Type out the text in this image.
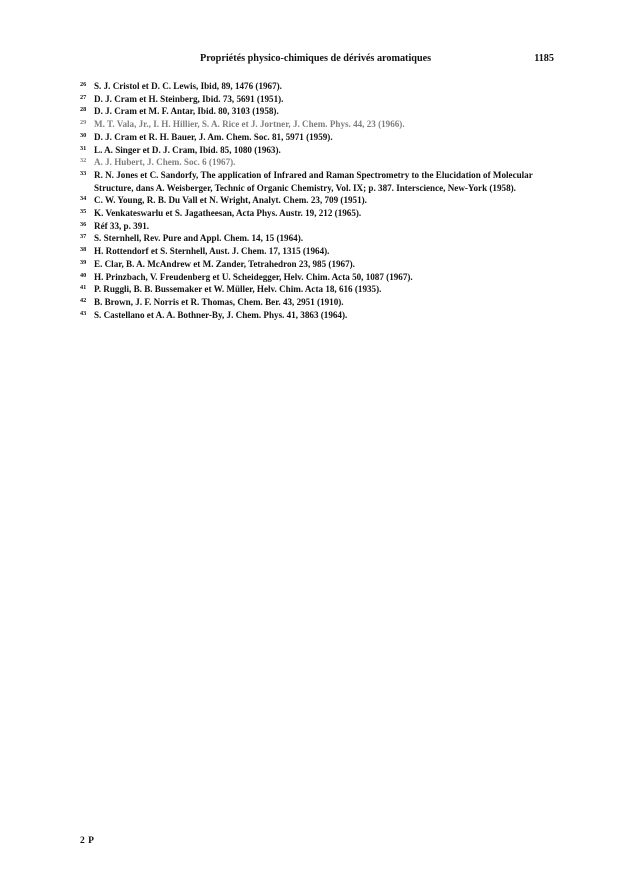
Propriétés physico-chimiques de dérivés aromatiques	1185
26 S. J. Cristol et D. C. Lewis, Ibid, 89, 1476 (1967).
27 D. J. Cram et H. Steinberg, Ibid. 73, 5691 (1951).
28 D. J. Cram et M. F. Antar, Ibid. 80, 3103 (1958).
29 M. T. Vala, Jr., I. H. Hillier, S. A. Rice et J. Jortner, J. Chem. Phys. 44, 23 (1966).
30 D. J. Cram et R. H. Bauer, J. Am. Chem. Soc. 81, 5971 (1959).
31 L. A. Singer et D. J. Cram, Ibid. 85, 1080 (1963).
32 A. J. Hubert, J. Chem. Soc. 6 (1967).
33 R. N. Jones et C. Sandorfy, The application of Infrared and Raman Spectrometry to the Elucidation of Molecular Structure, dans A. Weisberger, Technic of Organic Chemistry, Vol. IX; p. 387. Interscience, New-York (1958).
34 C. W. Young, R. B. Du Vall et N. Wright, Analyt. Chem. 23, 709 (1951).
35 K. Venkateswarlu et S. Jagatheesan, Acta Phys. Austr. 19, 212 (1965).
36 Réf 33, p. 391.
37 S. Sternhell, Rev. Pure and Appl. Chem. 14, 15 (1964).
38 H. Rottendorf et S. Sternhell, Aust. J. Chem. 17, 1315 (1964).
39 E. Clar, B. A. McAndrew et M. Zander, Tetrahedron 23, 985 (1967).
40 H. Prinzbach, V. Freudenberg et U. Scheidegger, Helv. Chim. Acta 50, 1087 (1967).
41 P. Ruggli, B. B. Bussemaker et W. Müller, Helv. Chim. Acta 18, 616 (1935).
42 B. Brown, J. F. Norris et R. Thomas, Chem. Ber. 43, 2951 (1910).
43 S. Castellano et A. A. Bothner-By, J. Chem. Phys. 41, 3863 (1964).
2 P
